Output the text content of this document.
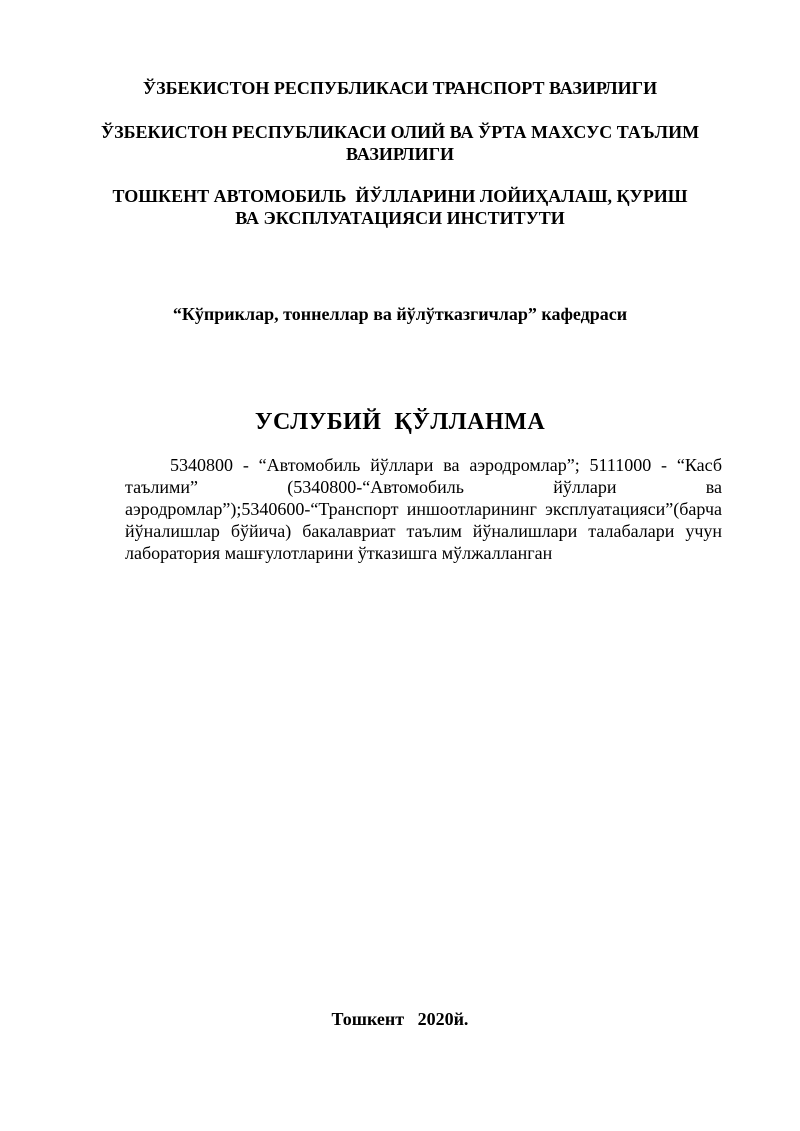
ЎЗБЕКИСТОН РЕСПУБЛИКАСИ ТРАНСПОРТ ВАЗИРЛИГИ
ЎЗБЕКИСТОН РЕСПУБЛИКАСИ ОЛИЙ ВА ЎРТА МАХСУС ТАЪЛИМ
ВАЗИРЛИГИ
ТОШКЕНТ АВТОМОБИЛЬ  ЙЎЛЛАРИНИ ЛОЙИҲАЛАШ, ҚУРИШ
ВА ЭКСПЛУАТАЦИЯСИ ИНСТИТУТИ
“Кўприклар, тоннеллар ва йўлўтказгичлар” кафедраси
УСЛУБИЙ  ҚЎЛЛАНМА
5340800 - “Автомобиль йўллари ва аэродромлар”; 5111000 - “Касб таълими” (5340800-“Автомобиль йўллари ва аэродромлар”);5340600-“Транспорт иншоотларининг эксплуатацияси”(барча йўналишлар бўйича) бакалавриат таълим йўналишлари талабалари учун лаборатория машғулотларини ўтказишга мўлжалланган
Тошкент   2020й.
